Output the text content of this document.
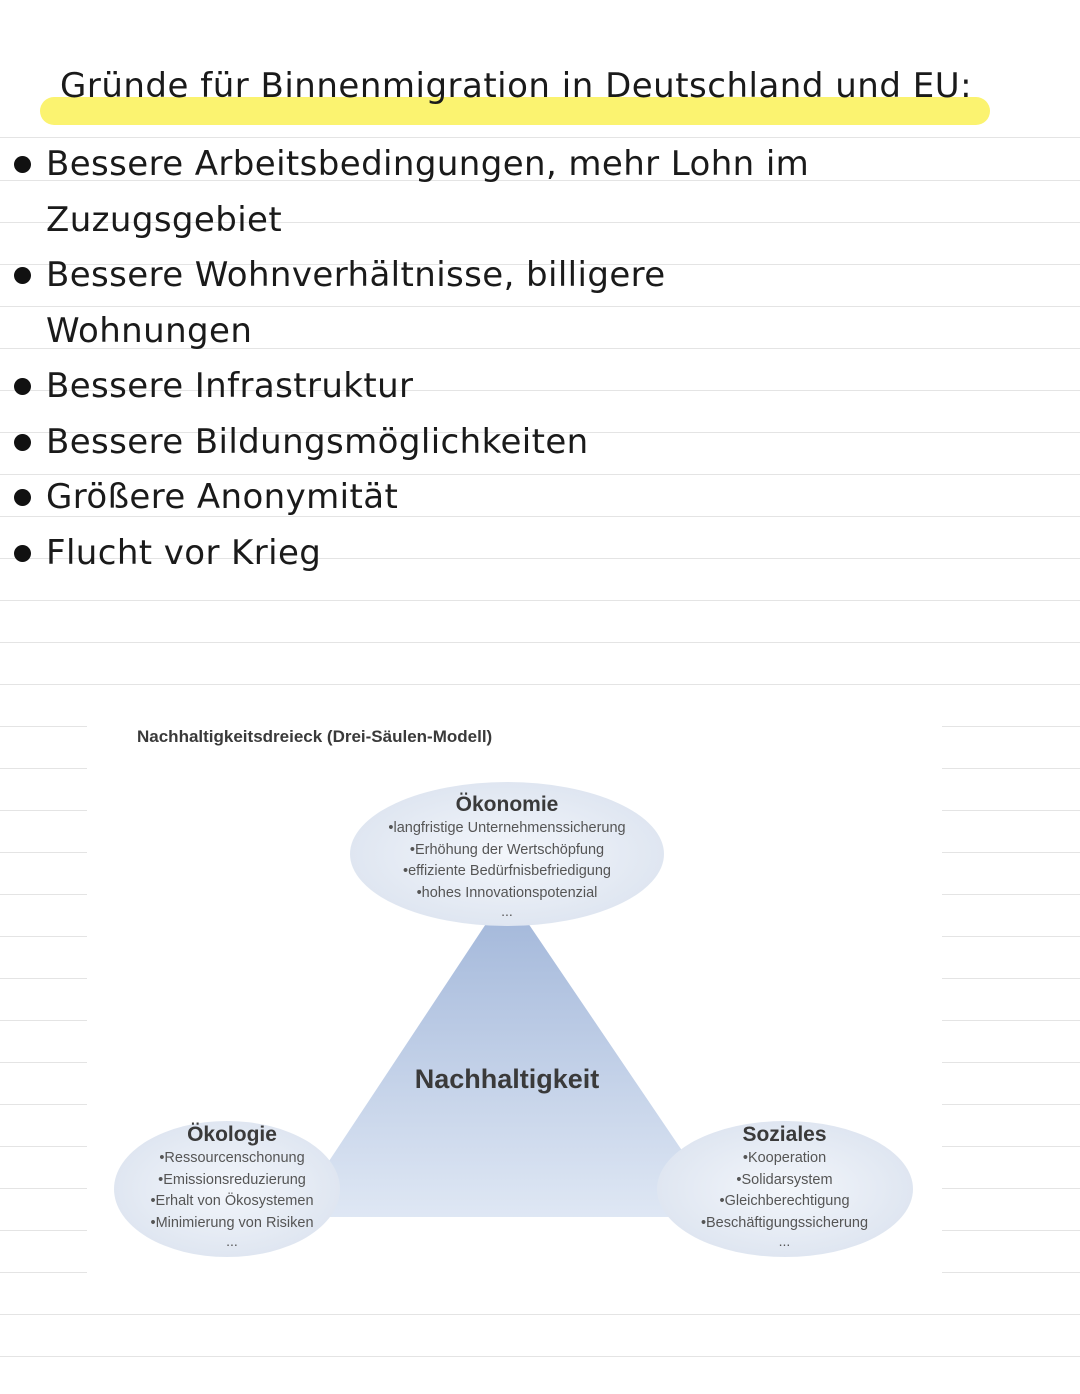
Gründe für Binnenmigration in Deutschland und EU:
Bessere Arbeitsbedingungen, mehr Lohn im Zuzugsgebiet
Bessere Wohnverhältnisse, billigere Wohnungen
Bessere Infrastruktur
Bessere Bildungsmöglichkeiten
Größere Anonymität
Flucht vor Krieg
Nachhaltigkeitsdreieck (Drei-Säulen-Modell)
Ökonomie
• langfristige Unternehmenssicherung
• Erhöhung der Wertschöpfung
• effiziente Bedürfnisbefriedigung
• hohes Innovationspotenzial
...
Ökologie
• Ressourcenschonung
• Emissionsreduzierung
• Erhalt von Ökosystemen
• Minimierung von Risiken
...
Soziales
• Kooperation
• Solidarsystem
• Gleichberechtigung
• Beschäftigungssicherung
...
Nachhaltigkeit
